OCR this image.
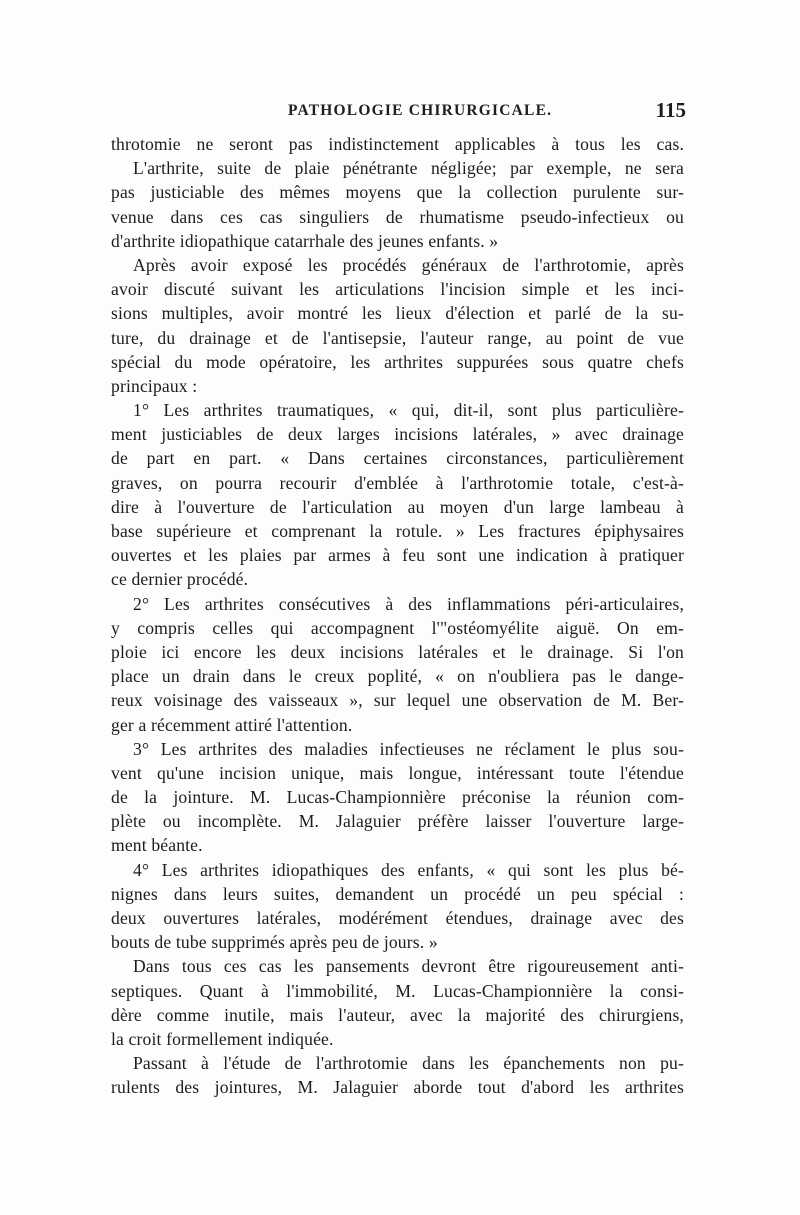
PATHOLOGIE CHIRURGICALE.	115
throtomie ne seront pas indistinctement applicables à tous les cas.
L'arthrite, suite de plaie pénétrante négligée; par exemple, ne sera
pas justiciable des mêmes moyens que la collection purulente sur-
venue dans ces cas singuliers de rhumatisme pseudo-infectieux ou
d'arthrite idiopathique catarrhale des jeunes enfants. »
Après avoir exposé les procédés généraux de l'arthrotomie, après
avoir discuté suivant les articulations l'incision simple et les inci-
sions multiples, avoir montré les lieux d'élection et parlé de la su-
ture, du drainage et de l'antisepsie, l'auteur range, au point de vue
spécial du mode opératoire, les arthrites suppurées sous quatre chefs
principaux :
1° Les arthrites traumatiques, « qui, dit-il, sont plus particulière-
ment justiciables de deux larges incisions latérales, » avec drainage
de part en part. « Dans certaines circonstances, particulièrement
graves, on pourra recourir d'emblée à l'arthrotomie totale, c'est-à-
dire à l'ouverture de l'articulation au moyen d'un large lambeau à
base supérieure et comprenant la rotule. » Les fractures épiphysaires
ouvertes et les plaies par armes à feu sont une indication à pratiquer
ce dernier procédé.
2° Les arthrites consécutives à des inflammations péri-articulaires,
y compris celles qui accompagnent l'"ostéomyélite aiguë. On em-
ploie ici encore les deux incisions latérales et le drainage. Si l'on
place un drain dans le creux poplité, « on n'oubliera pas le dange-
reux voisinage des vaisseaux », sur lequel une observation de M. Ber-
ger a récemment attiré l'attention.
3° Les arthrites des maladies infectieuses ne réclament le plus sou-
vent qu'une incision unique, mais longue, intéressant toute l'étendue
de la jointure. M. Lucas-Championnière préconise la réunion com-
plète ou incomplète. M. Jalaguier préfère laisser l'ouverture large-
ment béante.
4° Les arthrites idiopathiques des enfants, « qui sont les plus bé-
nignes dans leurs suites, demandent un procédé un peu spécial :
deux ouvertures latérales, modérément étendues, drainage avec des
bouts de tube supprimés après peu de jours. »
Dans tous ces cas les pansements devront être rigoureusement anti-
septiques. Quant à l'immobilité, M. Lucas-Championnière la consi-
dère comme inutile, mais l'auteur, avec la majorité des chirurgiens,
la croit formellement indiquée.
Passant à l'étude de l'arthrotomie dans les épanchements non pu-
rulents des jointures, M. Jalaguier aborde tout d'abord les arthrites
